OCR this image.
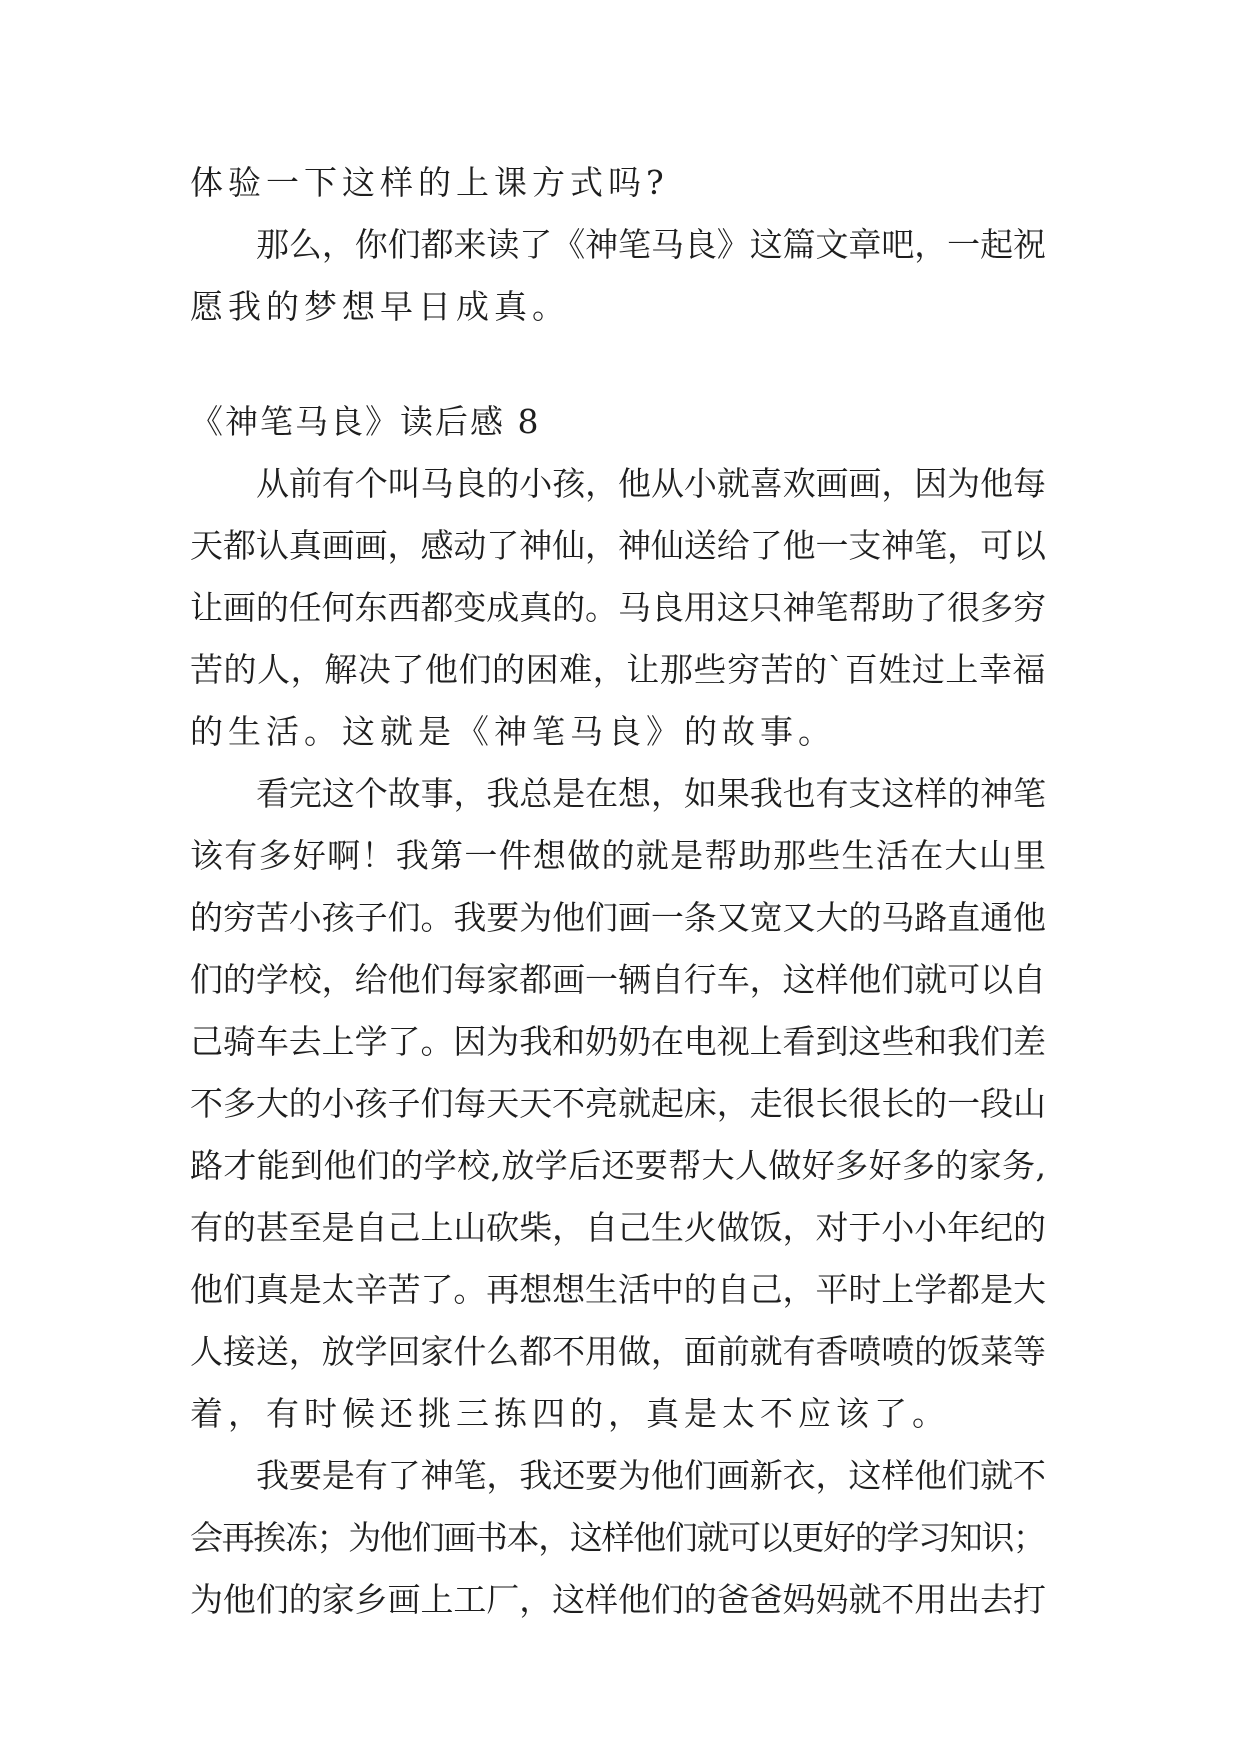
体验一下这样的上课方式吗?

那么，你们都来读了《神笔马良》这篇文章吧，一起祝

愿我的梦想早日成真。

《神笔马良》读后感 8

从前有个叫马良的小孩，他从小就喜欢画画，因为他每

天都认真画画，感动了神仙，神仙送给了他一支神笔，可以

让画的任何东西都变成真的。马良用这只神笔帮助了很多穷

苦的人，解决了他们的困难，让那些穷苦的`百姓过上幸福

的生活。这就是《神笔马良》的故事。

看完这个故事，我总是在想，如果我也有支这样的神笔

该有多好啊！我第一件想做的就是帮助那些生活在大山里

的穷苦小孩子们。我要为他们画一条又宽又大的马路直通他

们的学校，给他们每家都画一辆自行车，这样他们就可以自

己骑车去上学了。因为我和奶奶在电视上看到这些和我们差

不多大的小孩子们每天天不亮就起床，走很长很长的一段山

路才能到他们的学校,放学后还要帮大人做好多好多的家务,

有的甚至是自己上山砍柴，自己生火做饭，对于小小年纪的

他们真是太辛苦了。再想想生活中的自己，平时上学都是大

人接送，放学回家什么都不用做，面前就有香喷喷的饭菜等

着，有时候还挑三拣四的，真是太不应该了。

我要是有了神笔，我还要为他们画新衣，这样他们就不

会再挨冻；为他们画书本，这样他们就可以更好的学习知识；

为他们的家乡画上工厂，这样他们的爸爸妈妈就不用出去打
